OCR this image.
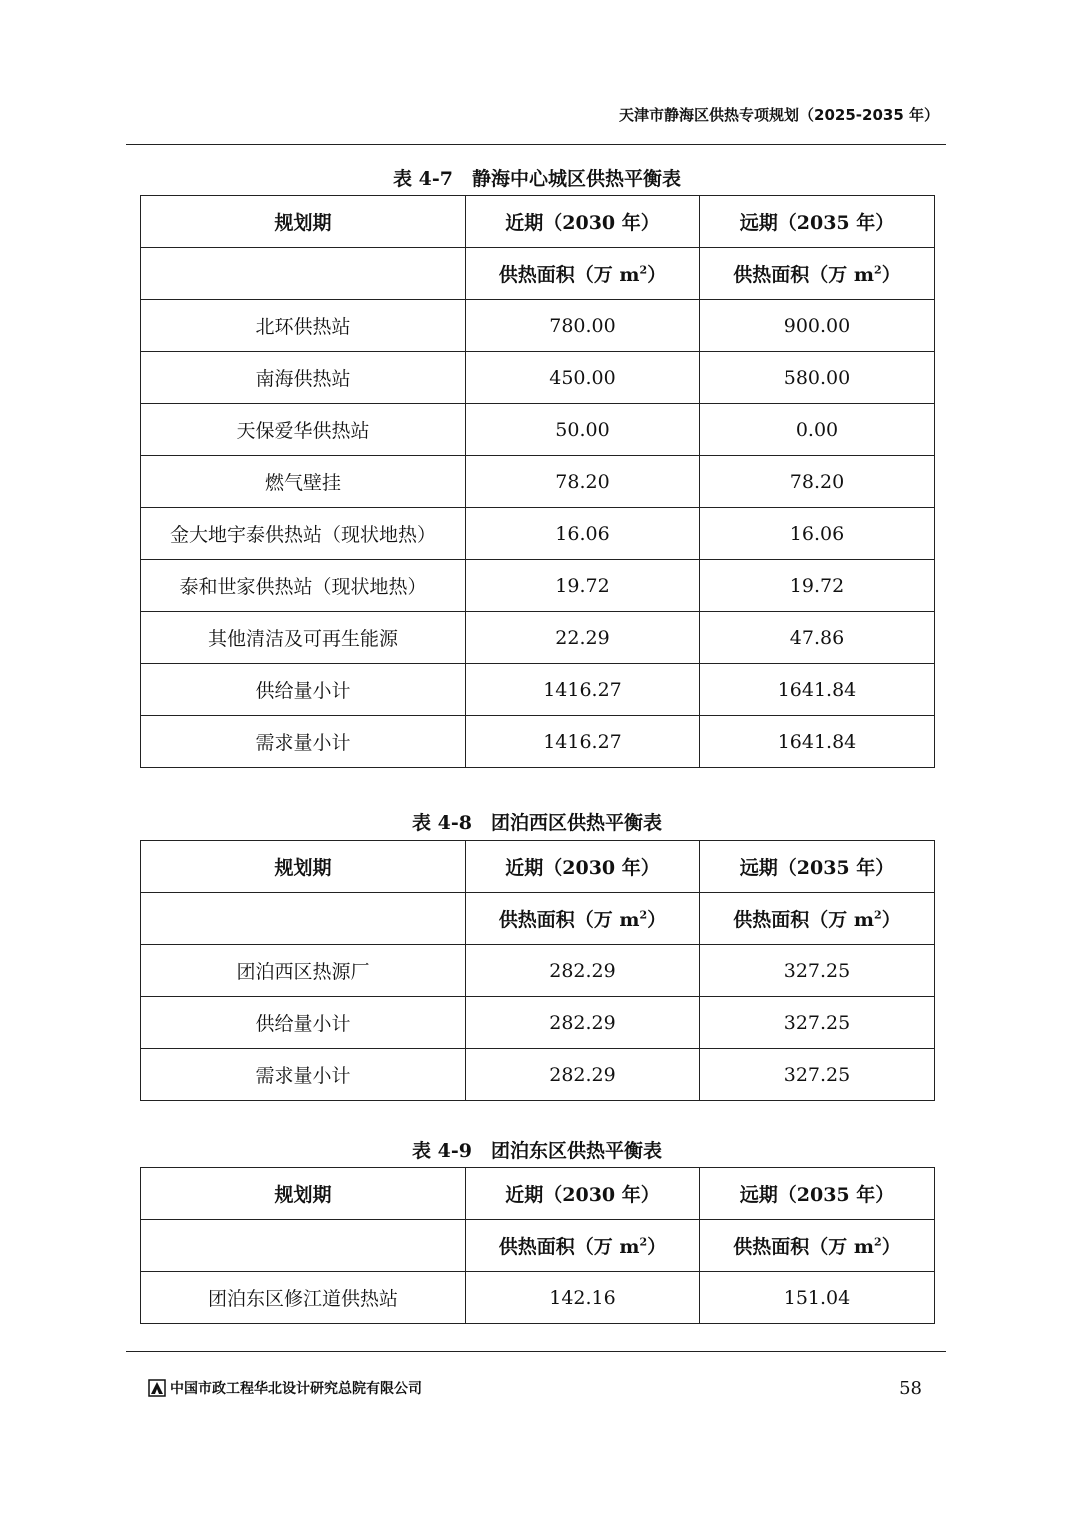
天津市静海区供热专项规划（2025-2035 年）
表 4-7　静海中心城区供热平衡表
规划期	近期（2030 年）	远期（2035 年）
	供热面积（万 $m^2$）	供热面积（万 $m^2$）
北环供热站	780.00	900.00
南海供热站	450.00	580.00
天保爱华供热站	50.00	0.00
燃气壁挂	78.20	78.20
金大地宇泰供热站（现状地热）	16.06	16.06
泰和世家供热站（现状地热）	19.72	19.72
其他清洁及可再生能源	22.29	47.86
供给量小计	1416.27	1641.84
需求量小计	1416.27	1641.84
表 4-8　团泊西区供热平衡表
规划期	近期（2030 年）	远期（2035 年）
	供热面积（万 $m^2$）	供热面积（万 $m^2$）
团泊西区热源厂	282.29	327.25
供给量小计	282.29	327.25
需求量小计	282.29	327.25
表 4-9　团泊东区供热平衡表
规划期	近期（2030 年）	远期（2035 年）
	供热面积（万 $m^2$）	供热面积（万 $m^2$）
团泊东区修江道供热站	142.16	151.04
中国市政工程华北设计研究总院有限公司	58
